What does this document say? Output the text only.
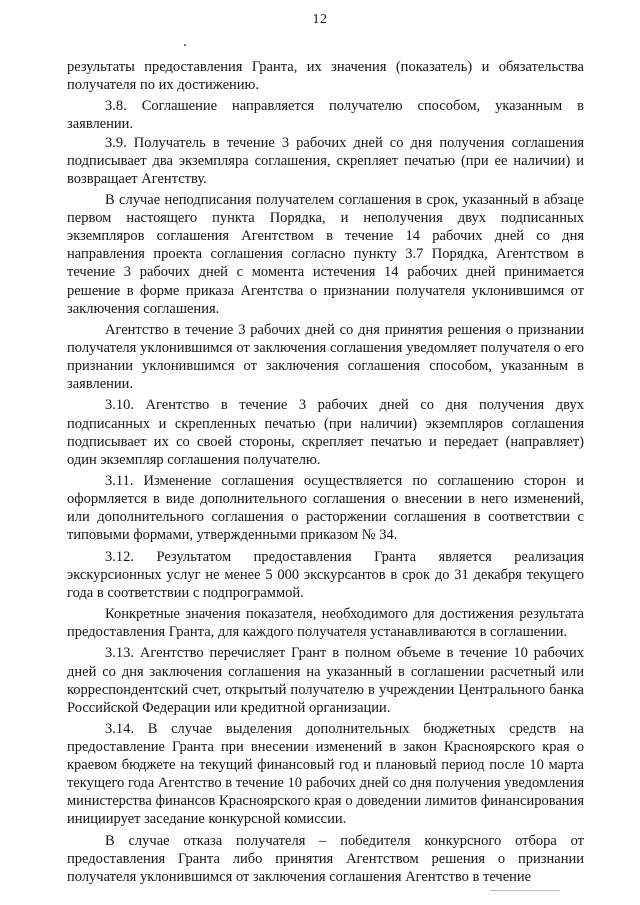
12

результаты предоставления Гранта, их значения (показатель) и обязательства получателя по их достижению.

3.8. Соглашение направляется получателю способом, указанным в заявлении.

3.9. Получатель в течение 3 рабочих дней со дня получения соглашения подписывает два экземпляра соглашения, скрепляет печатью (при ее наличии) и возвращает Агентству.

В случае неподписания получателем соглашения в срок, указанный в абзаце первом настоящего пункта Порядка, и неполучения двух подписанных экземпляров соглашения Агентством в течение 14 рабочих дней со дня направления проекта соглашения согласно пункту 3.7 Порядка, Агентством в течение 3 рабочих дней с момента истечения 14 рабочих дней принимается решение в форме приказа Агентства о признании получателя уклонившимся от заключения соглашения.

Агентство в течение 3 рабочих дней со дня принятия решения о признании получателя уклонившимся от заключения соглашения уведомляет получателя о его признании уклонившимся от заключения соглашения способом, указанным в заявлении.

3.10. Агентство в течение 3 рабочих дней со дня получения двух подписанных и скрепленных печатью (при наличии) экземпляров соглашения подписывает их со своей стороны, скрепляет печатью и передает (направляет) один экземпляр соглашения получателю.

3.11. Изменение соглашения осуществляется по соглашению сторон и оформляется в виде дополнительного соглашения о внесении в него изменений, или дополнительного соглашения о расторжении соглашения в соответствии с типовыми формами, утвержденными приказом № 34.

3.12. Результатом предоставления Гранта является реализация экскурсионных услуг не менее 5 000 экскурсантов в срок до 31 декабря текущего года в соответствии с подпрограммой.

Конкретные значения показателя, необходимого для достижения результата предоставления Гранта, для каждого получателя устанавливаются в соглашении.

3.13. Агентство перечисляет Грант в полном объеме в течение 10 рабочих дней со дня заключения соглашения на указанный в соглашении расчетный или корреспондентский счет, открытый получателю в учреждении Центрального банка Российской Федерации или кредитной организации.

3.14. В случае выделения дополнительных бюджетных средств на предоставление Гранта при внесении изменений в закон Красноярского края о краевом бюджете на текущий финансовый год и плановый период после 10 марта текущего года Агентство в течение 10 рабочих дней со дня получения уведомления министерства финансов Красноярского края о доведении лимитов финансирования инициирует заседание конкурсной комиссии.

В случае отказа получателя – победителя конкурсного отбора от предоставления Гранта либо принятия Агентством решения о признании получателя уклонившимся от заключения соглашения Агентство в течение
